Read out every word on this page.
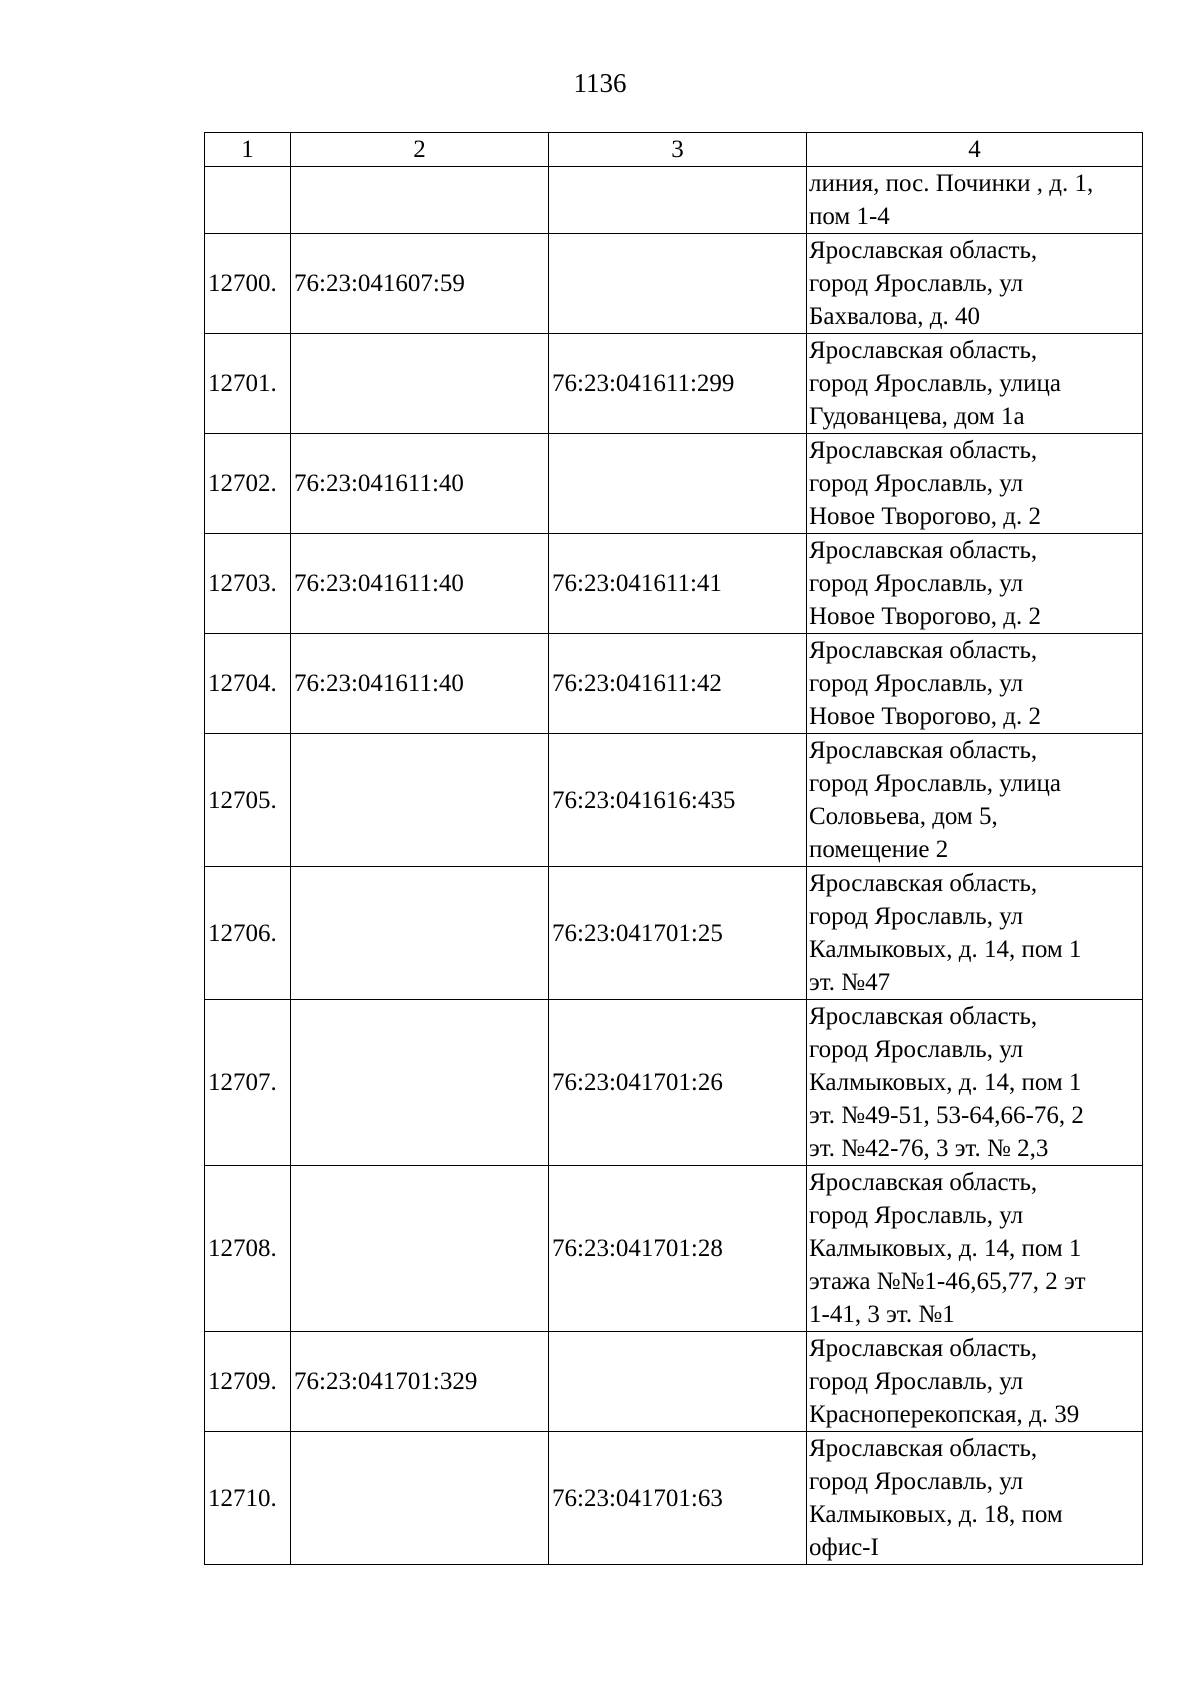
1136
1	2	3	4

			линия, пос. Починки , д. 1,
пом 1-4

12700.	76:23:041607:59		Ярославская область,
город Ярославль, ул
Бахвалова, д. 40

12701.		76:23:041611:299	Ярославская область,
город Ярославль, улица
Гудованцева, дом 1а

12702.	76:23:041611:40		Ярославская область,
город Ярославль, ул
Новое Творогово, д. 2

12703.	76:23:041611:40	76:23:041611:41	Ярославская область,
город Ярославль, ул
Новое Творогово, д. 2

12704.	76:23:041611:40	76:23:041611:42	Ярославская область,
город Ярославль, ул
Новое Творогово, д. 2

12705.		76:23:041616:435	Ярославская область,
город Ярославль, улица
Соловьева, дом 5,
помещение 2

12706.		76:23:041701:25	Ярославская область,
город Ярославль, ул
Калмыковых, д. 14, пом 1
эт. №47

12707.		76:23:041701:26	Ярославская область,
город Ярославль, ул
Калмыковых, д. 14, пом 1
эт. №49-51, 53-64,66-76, 2
эт. №42-76, 3 эт. № 2,3

12708.		76:23:041701:28	Ярославская область,
город Ярославль, ул
Калмыковых, д. 14, пом 1
этажа №№1-46,65,77, 2 эт
1-41, 3 эт. №1

12709.	76:23:041701:329		Ярославская область,
город Ярославль, ул
Красноперекопская, д. 39

12710.		76:23:041701:63	Ярославская область,
город Ярославль, ул
Калмыковых, д. 18, пом
офис-I
